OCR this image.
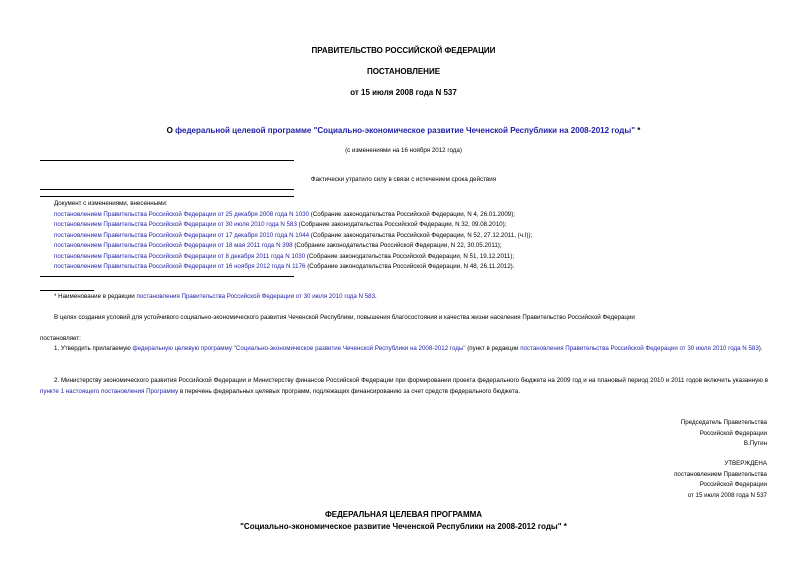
ПРАВИТЕЛЬСТВО РОССИЙСКОЙ ФЕДЕРАЦИИ
ПОСТАНОВЛЕНИЕ
от 15 июля 2008 года N 537
О федеральной целевой программе "Социально-экономическое развитие Чеченской Республики на 2008-2012 годы" *
(с изменениями на 16 ноября 2012 года)
Фактически утратило силу в связи с истечением срока действия
Документ с изменениями, внесенными:
постановлением Правительства Российской Федерации от 25 декабря 2008 года N 1030 (Собрание законодательства Российской Федерации, N 4, 26.01.2009);
постановлением Правительства Российской Федерации от 30 июля 2010 года N 583 (Собрание законодательства Российской Федерации, N 32, 09.08.2010);
постановлением Правительства Российской Федерации от 17 декабря 2010 года N 1044 (Собрание законодательства Российской Федерации, N 52, 27.12.2011, (ч.I));
постановлением Правительства Российской Федерации от 18 мая 2011 года N 398 (Собрание законодательства Российской Федерации, N 22, 30.05.2011);
постановлением Правительства Российской Федерации от 8 декабря 2011 года N 1030 (Собрание законодательства Российской Федерации, N 51, 19.12.2011);
постановлением Правительства Российской Федерации от 16 ноября 2012 года N 1176 (Собрание законодательства Российской Федерации, N 48, 26.11.2012).
* Наименование в редакции постановления Правительства Российской Федерации от 30 июля 2010 года N 583.
В целях создания условий для устойчивого социально-экономического развития Чеченской Республики, повышения благосостояния и качества жизни населения Правительство Российской Федерации
постановляет:
1. Утвердить прилагаемую федеральную целевую программу "Социально-экономическое развитие Чеченской Республики на 2008-2012 годы" (пункт в редакции постановления Правительства Российской Федерации от 30 июля 2010 года N 583).
2. Министерству экономического развития Российской Федерации и Министерству финансов Российской Федерации при формировании проекта федерального бюджета на 2009 год и на плановый период 2010 и 2011 годов включить указанную в пункте 1 настоящего постановления Программу в перечень федеральных целевых программ, подлежащих финансированию за счет средств федерального бюджета.
Председатель Правительства
Российской Федерации
В.Путин
УТВЕРЖДЕНА
постановлением Правительства
Российской Федерации
от 15 июля 2008 года N 537
ФЕДЕРАЛЬНАЯ ЦЕЛЕВАЯ ПРОГРАММА
"Социально-экономическое развитие Чеченской Республики на 2008-2012 годы" *
